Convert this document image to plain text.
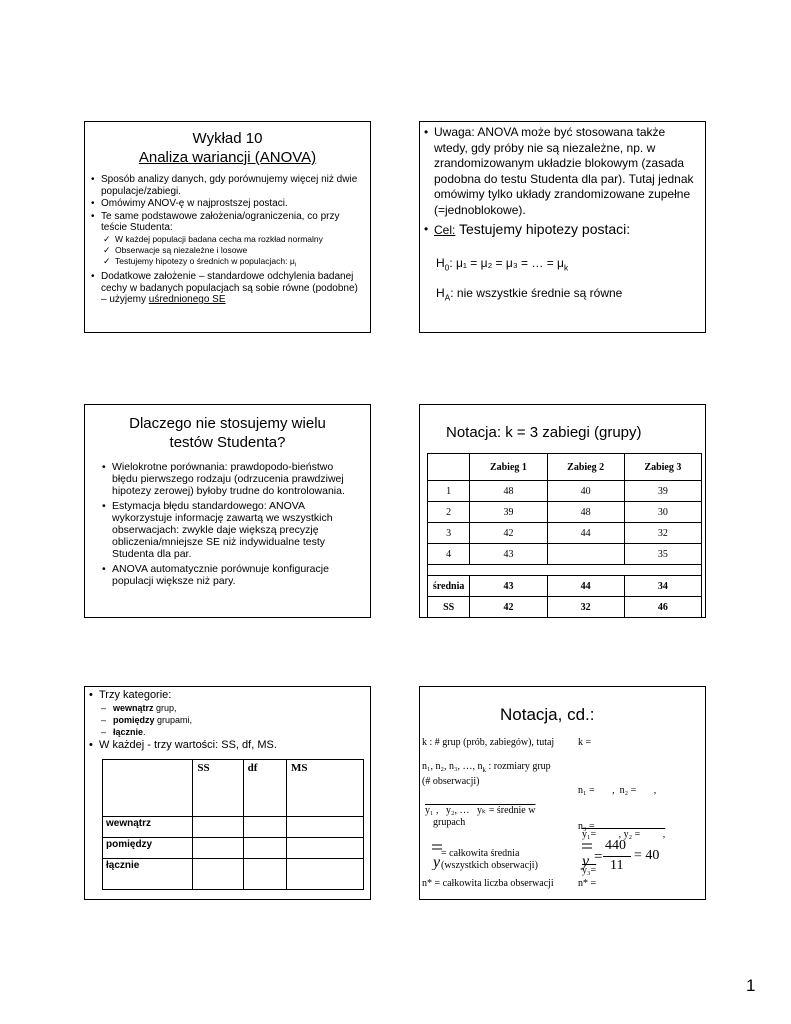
Wykład 10
Analiza wariancji (ANOVA)
• Sposób analizy danych, gdy porównujemy więcej niż dwie populacje/zabiegi.
• Omówimy ANOV-ę w najprostszej postaci.
• Te same podstawowe założenia/ograniczenia, co przy teście Studenta:
✓ W każdej populacji badana cecha ma rozkład normalny
✓ Obserwacje są niezależne i losowe
✓ Testujemy hipotezy o średnich w populacjach: $\mu_i$
• Dodatkowe założenie – standardowe odchylenia badanej cechy w badanych populacjach są sobie równe (podobne) – użyjemy uśrednionego SE
• Uwaga: ANOVA może być stosowana także wtedy, gdy próby nie są niezależne, np. w zrandomizowanym układzie blokowym (zasada podobna do testu Studenta dla par). Tutaj jednak omówimy tylko układy zrandomizowane zupełne (=jednoblokowe).
• Cel: Testujemy hipotezy postaci:
$H_0$: μ₁ = μ₂ = μ₃ = … = $\mu_k$
$H_A$: nie wszystkie średnie są równe
Dlaczego nie stosujemy wielu
testów Studenta?
• Wielokrotne porównania: prawdopodo-bieństwo błędu pierwszego rodzaju (odrzucenia prawdziwej hipotezy zerowej) byłoby trudne do kontrolowania.
• Estymacja błędu standardowego: ANOVA wykorzystuje informację zawartą we wszystkich obserwacjach: zwykle daje większą precyzję obliczenia/mniejsze SE niż indywidualne testy Studenta dla par.
• ANOVA automatycznie porównuje konfiguracje populacji większe niż pary.
Notacja: k = 3 zabiegi (grupy)
	Zabieg 1	Zabieg 2	Zabieg 3
1	48	40	39
2	39	48	30
3	42	44	32
4	43		35

średnia	43	44	34
SS	42	32	46
• Trzy kategorie:
– wewnątrz grup,
– pomiędzy grupami,
– łącznie.
• W każdej - trzy wartości: SS, df, MS.
	SS	df	MS
wewnątrz			
pomiędzy			
łącznie			
Notacja, cd.:
k : # grup (prób, zabiegów), tutaj k =
n₁, n₂, n₃, …, $n_k$ : rozmiary grup
(# obserwacji)

n₁ =       ,  n₂ =       ,

n₃ =

y₁ ,   y₂, …   yₖ = średnie w
grupach

y₁=         , y₂ =         ,

y₃=

y
= całkowita średnia
(wszystkich obserwacji)	y =
440
11
= 40
n* = całkowita liczba obserwacji n* =
1
